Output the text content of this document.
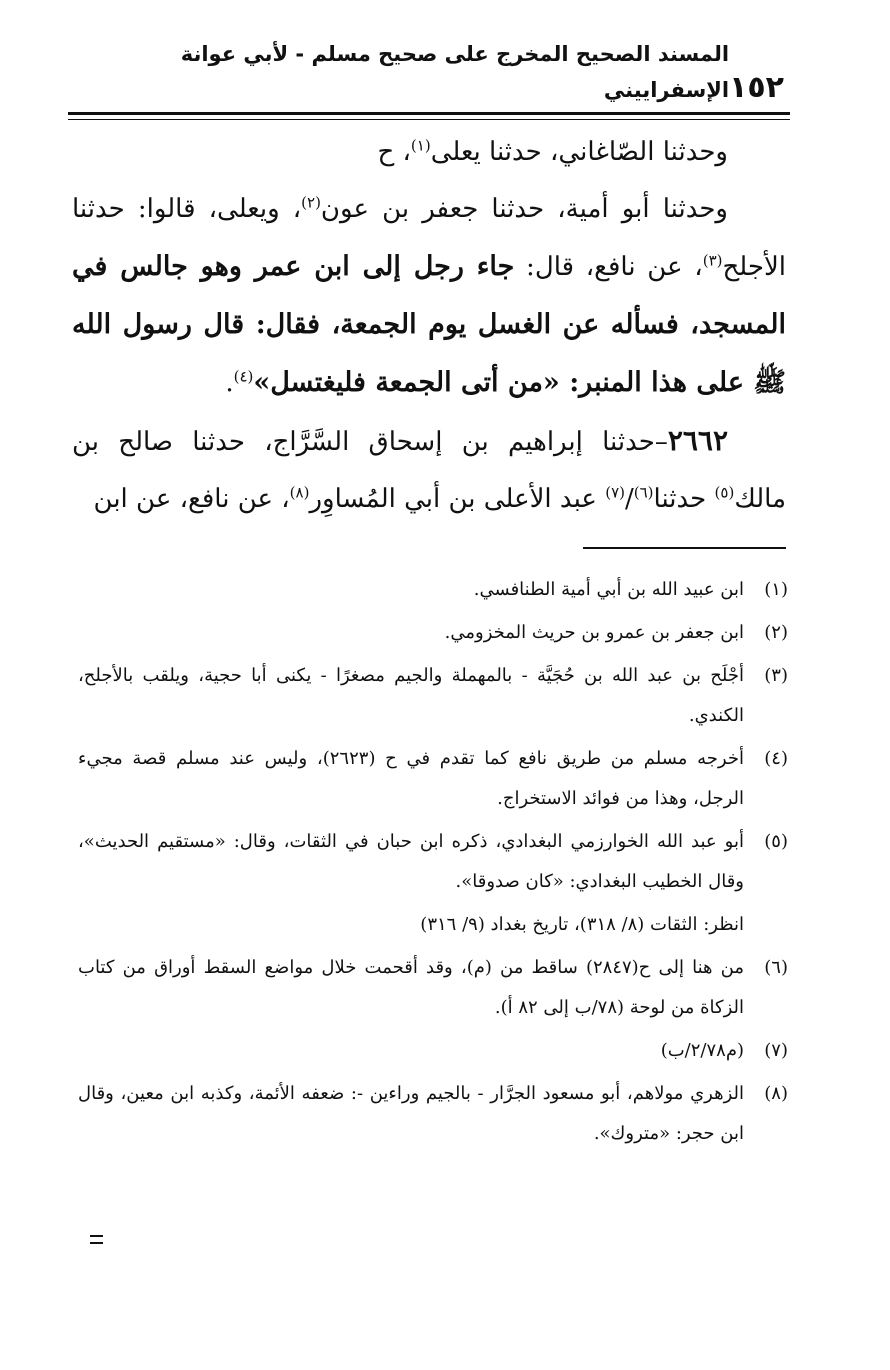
١٥٢
المسند الصحيح المخرج على صحيح مسلم - لأبي عوانة الإسفراييني

وحدثنا الصّاغاني، حدثنا يعلى$^{(١)}$، ح

وحدثنا أبو أمية، حدثنا جعفر بن عون$^{(٢)}$، ويعلى، قالوا: حدثنا الأجلح$^{(٣)}$، عن نافع، قال: جاء رجل إلى ابن عمر وهو جالس في المسجد، فسأله عن الغسل يوم الجمعة، فقال: قال رسول الله ﷺ على هذا المنبر: «من أتى الجمعة فليغتسل»$^{(٤)}$.

٢٦٦٢–حدثنا إبراهيم بن إسحاق السَّرَّاج، حدثنا صالح بن مالك$^{(٥)}$ حدثنا$^{(٦)}$/$^{(٧)}$ عبد الأعلى بن أبي المُساوِر$^{(٨)}$، عن نافع، عن ابن

(١)ابن عبيد الله بن أبي أمية الطنافسي.

(٢)ابن جعفر بن عمرو بن حريث المخزومي.

(٣)أجْلَح بن عبد الله بن حُجَيَّة - بالمهملة والجيم مصغرًا - يكنى أبا حجية، ويلقب بالأجلح، الكندي.

(٤)أخرجه مسلم من طريق نافع كما تقدم في ح (٢٦٢٣)، وليس عند مسلم قصة مجيء الرجل، وهذا من فوائد الاستخراج.

(٥)أبو عبد الله الخوارزمي البغدادي، ذكره ابن حبان في الثقات، وقال: «مستقيم الحديث»، وقال الخطيب البغدادي: «كان صدوقا».

انظر: الثقات (٨/ ٣١٨)، تاريخ بغداد (٩/ ٣١٦)

(٦)من هنا إلى ح(٢٨٤٧) ساقط من (م)، وقد أقحمت خلال مواضع السقط أوراق من كتاب الزكاة من لوحة (٧٨/ب إلى ٨٢ أ).

(٧)(م٢/٧٨/ب)

(٨)الزهري مولاهم، أبو مسعود الجرَّار - بالجيم وراءين -: ضعفه الأئمة، وكذبه ابن معين، وقال ابن حجر: «متروك».
